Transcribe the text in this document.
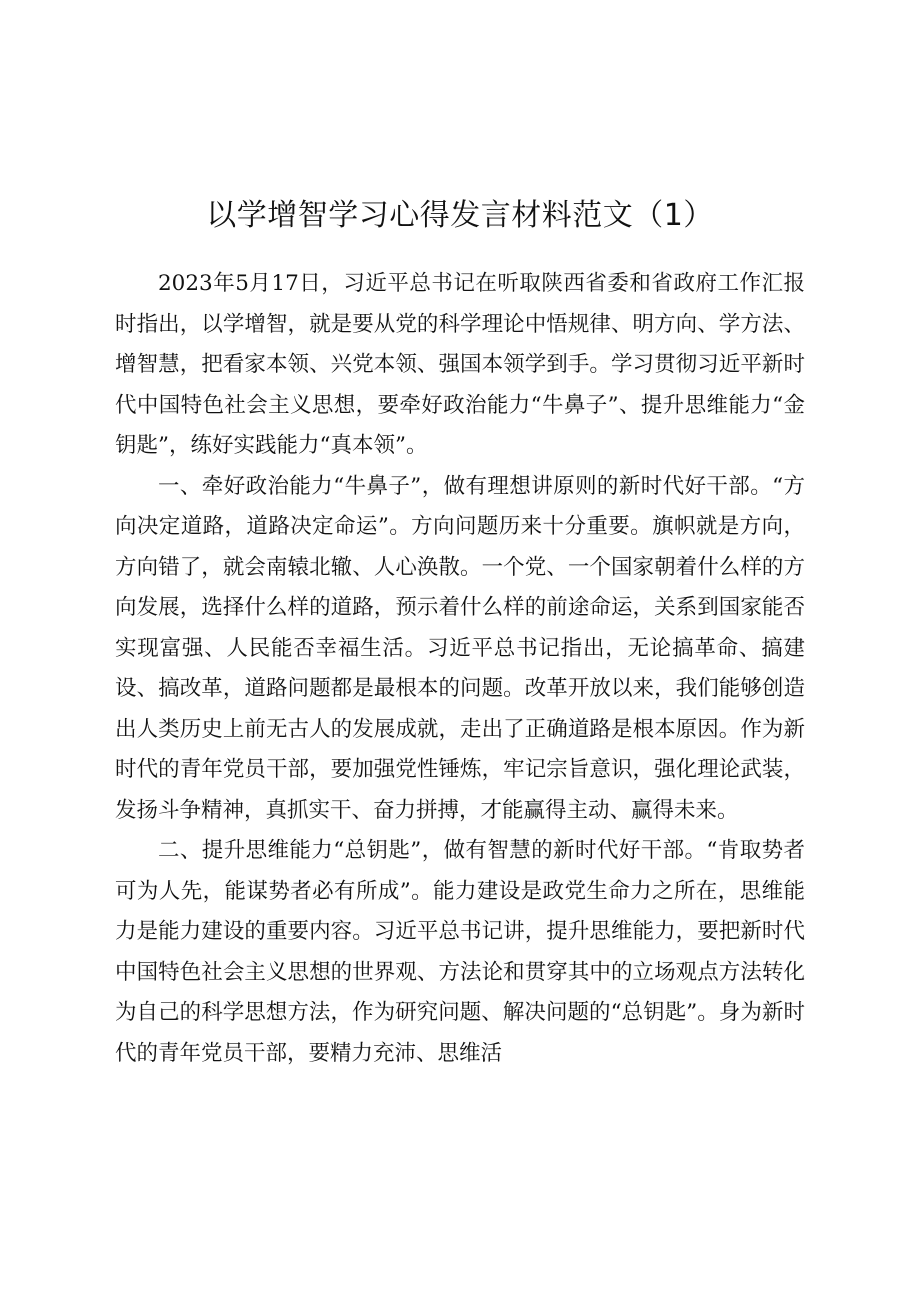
以学增智学习心得发言材料范文（1）

2023年5月17日，习近平总书记在听取陕西省委和省政府工作汇报时指出，以学增智，就是要从党的科学理论中悟规律、明方向、学方法、增智慧，把看家本领、兴党本领、强国本领学到手。学习贯彻习近平新时代中国特色社会主义思想，要牵好政治能力“牛鼻子”、提升思维能力“金钥匙”，练好实践能力“真本领”。

一、牵好政治能力“牛鼻子”，做有理想讲原则的新时代好干部。“方向决定道路，道路决定命运”。方向问题历来十分重要。旗帜就是方向，方向错了，就会南辕北辙、人心涣散。一个党、一个国家朝着什么样的方向发展，选择什么样的道路，预示着什么样的前途命运，关系到国家能否实现富强、人民能否幸福生活。习近平总书记指出，无论搞革命、搞建设、搞改革，道路问题都是最根本的问题。改革开放以来，我们能够创造出人类历史上前无古人的发展成就，走出了正确道路是根本原因。作为新时代的青年党员干部，要加强党性锤炼，牢记宗旨意识，强化理论武装，发扬斗争精神，真抓实干、奋力拼搏，才能赢得主动、赢得未来。

二、提升思维能力“总钥匙”，做有智慧的新时代好干部。“肯取势者可为人先，能谋势者必有所成”。能力建设是政党生命力之所在，思维能力是能力建设的重要内容。习近平总书记讲，提升思维能力，要把新时代中国特色社会主义思想的世界观、方法论和贯穿其中的立场观点方法转化为自己的科学思想方法，作为研究问题、解决问题的“总钥匙”。身为新时代的青年党员干部，要精力充沛、思维活
